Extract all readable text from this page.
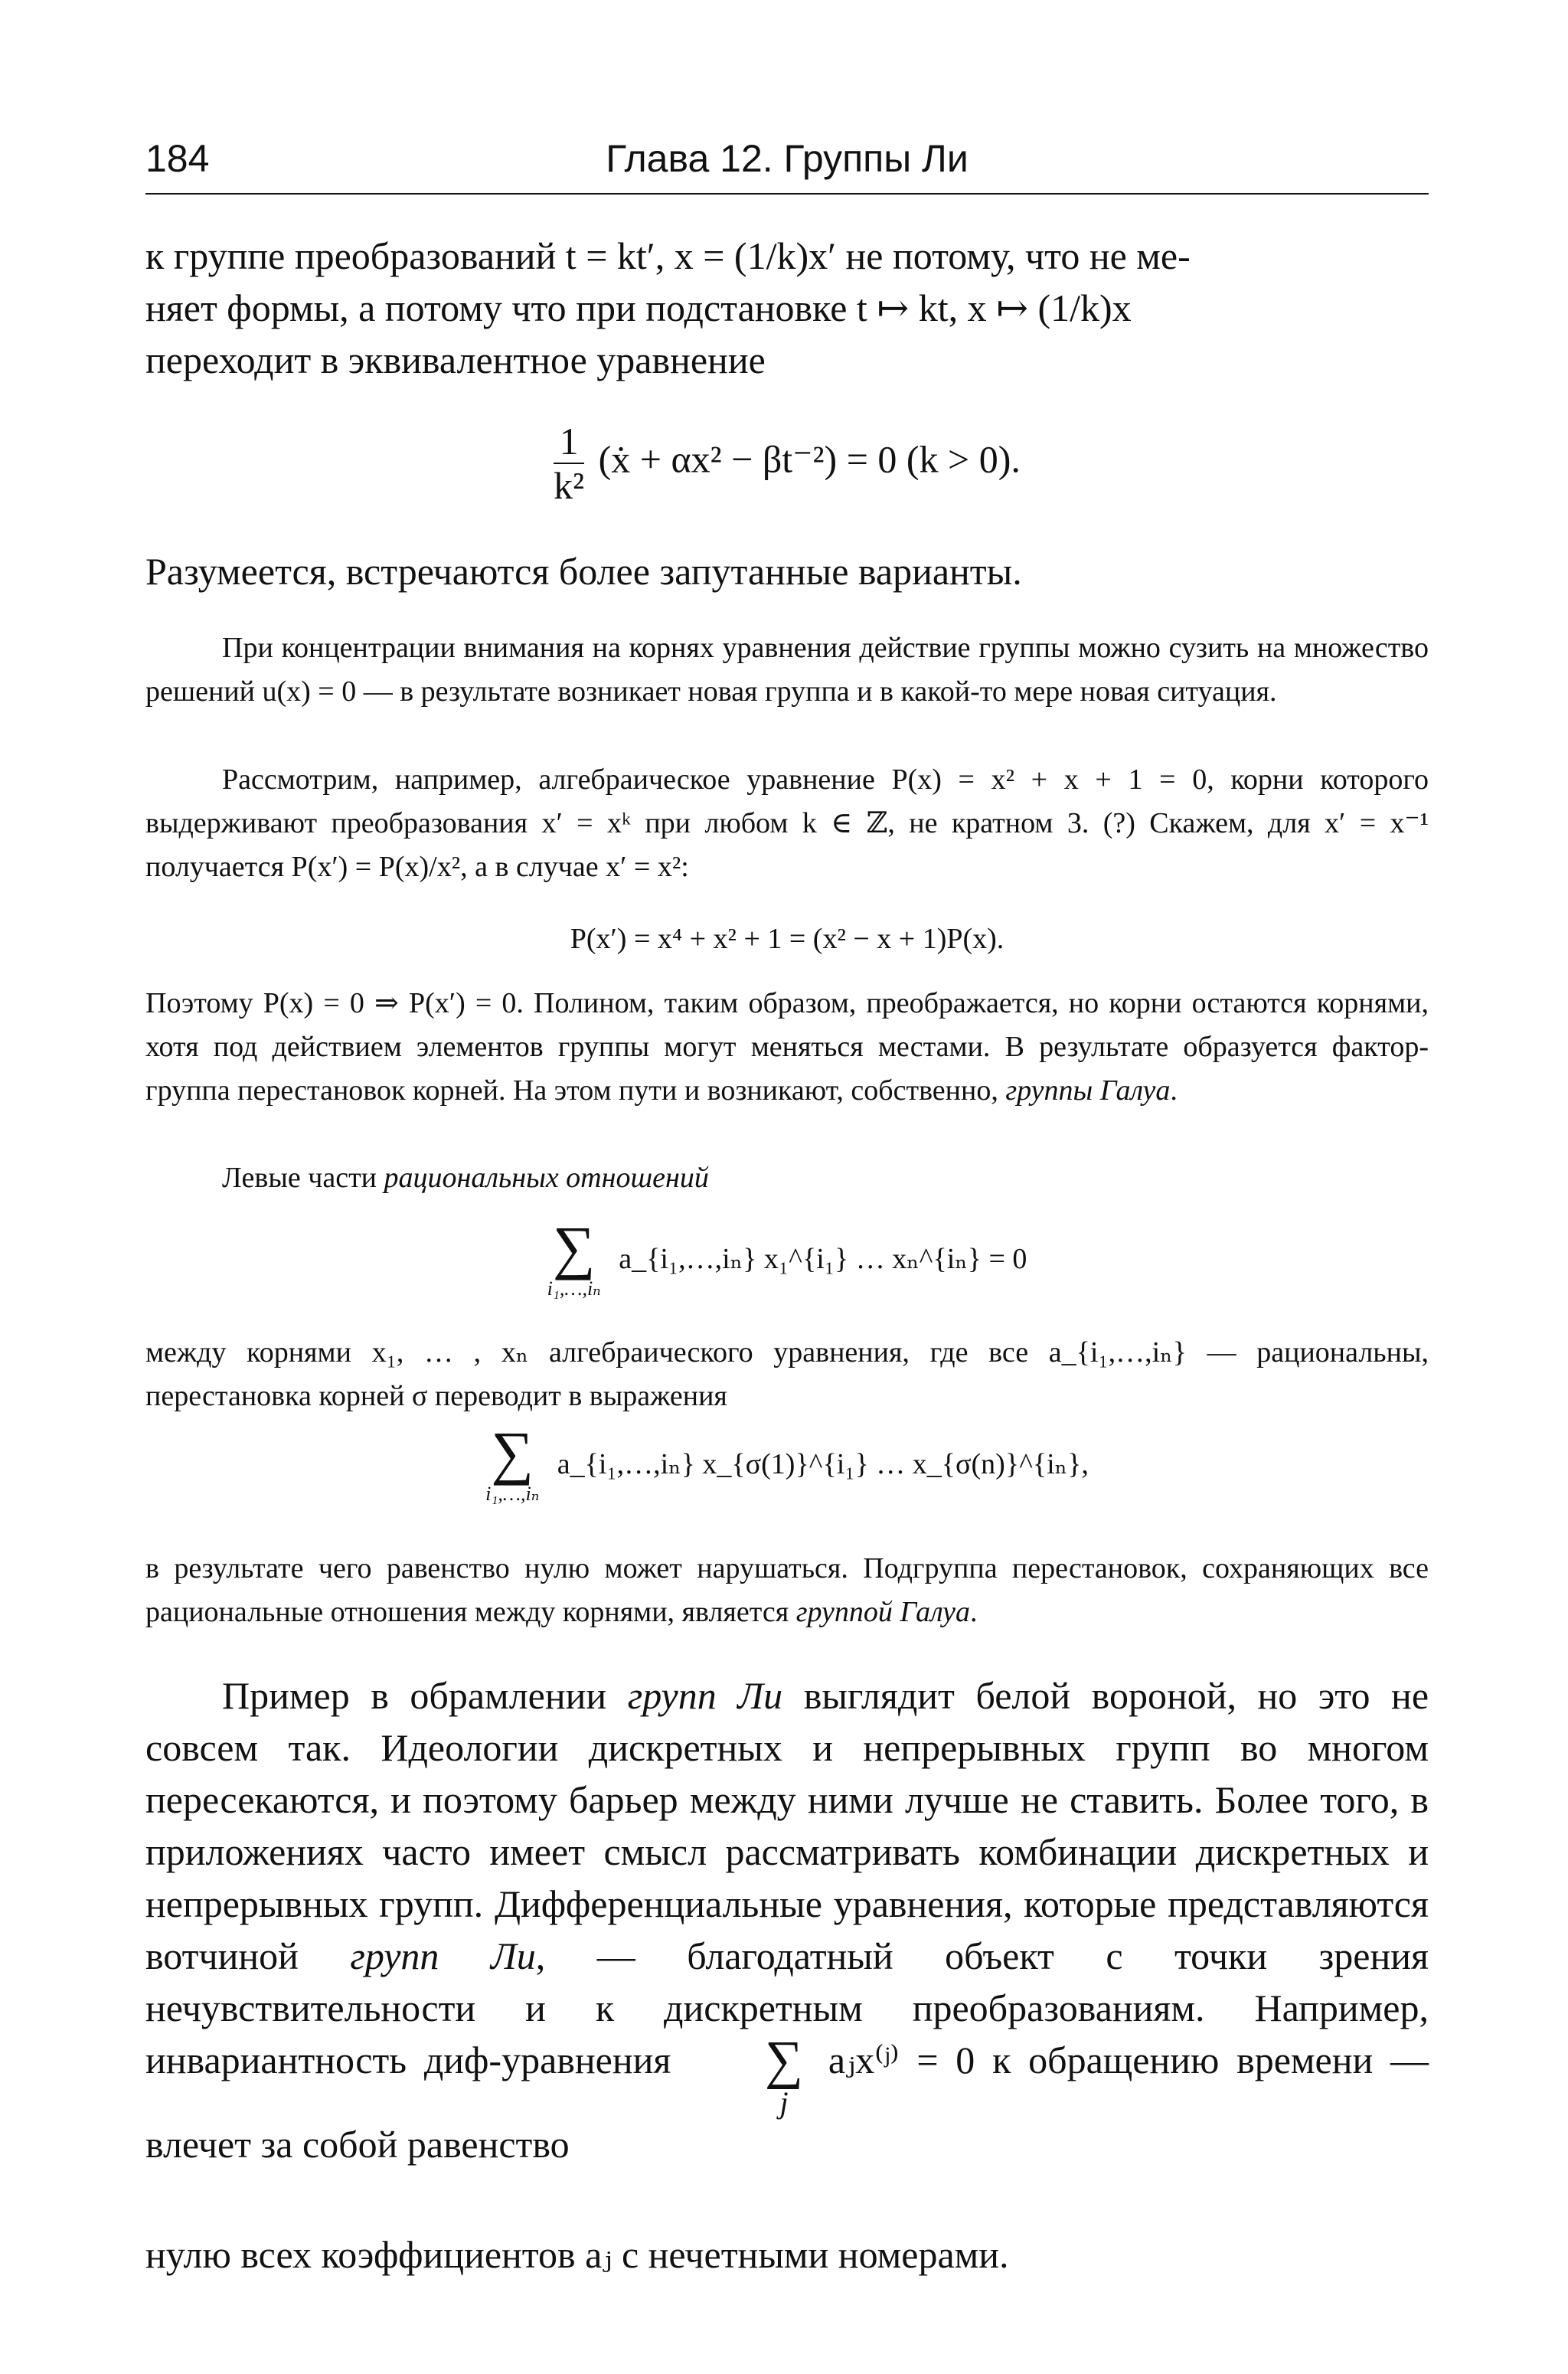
184	Глава 12. Группы Ли
к группе преобразований t = kt′, x = (1/k)x′ не потому, что не ме-
няет формы, а потому что при подстановке t ↦ kt, x ↦ (1/k)x
переходит в эквивалентное уравнение
$\frac{1}{\text{k²}}$ (ẋ + αx² − βt⁻²) = 0 (k > 0).
Разумеется, встречаются более запутанные варианты.
При концентрации внимания на корнях уравнения действие группы можно сузить на множество решений u(x) = 0 — в результате возникает новая группа и в какой-то мере новая ситуация.
Рассмотрим, например, алгебраическое уравнение P(x) = x² + x + 1 = 0, корни которого выдерживают преобразования x′ = xᵏ при любом k ∈ ℤ, не кратном 3. (?) Скажем, для x′ = x⁻¹ получается P(x′) = P(x)/x², а в случае x′ = x²:
P(x′) = x⁴ + x² + 1 = (x² − x + 1)P(x).
Поэтому P(x) = 0 ⇒ P(x′) = 0. Полином, таким образом, преображается, но корни остаются корнями, хотя под действием элементов группы могут меняться местами. В результате образуется фактор-группа перестановок корней. На этом пути и возникают, собственно, группы Галуа.
Левые части рациональных отношений
∑
i₁,…,iₙ
a_{i₁,…,iₙ} x₁^{i₁} … xₙ^{iₙ} = 0
между корнями x₁, … , xₙ алгебраического уравнения, где все a_{i₁,…,iₙ} — рациональны, перестановка корней σ переводит в выражения
∑
i₁,…,iₙ
a_{i₁,…,iₙ} x_{σ(1)}^{i₁} … x_{σ(n)}^{iₙ},
в результате чего равенство нулю может нарушаться. Подгруппа перестановок, сохраняющих все рациональные отношения между корнями, является группой Галуа.
Пример в обрамлении групп Ли выглядит белой вороной, но это не совсем так. Идеологии дискретных и непрерывных групп во многом пересекаются, и поэтому барьер между ними лучше не ставить. Более того, в приложениях часто имеет смысл рассматривать комбинации дискретных и непрерывных групп. Дифференциальные уравнения, которые представляются вотчиной групп Ли, — благодатный объект с точки зрения нечувствительности и к дискретным преобразованиям. Например, инвариантность диф-уравнения	∑
j
aⱼx⁽ʲ⁾ = 0 к обращению времени — влечет за собой равенство
нулю всех коэффициентов aⱼ с нечетными номерами.
